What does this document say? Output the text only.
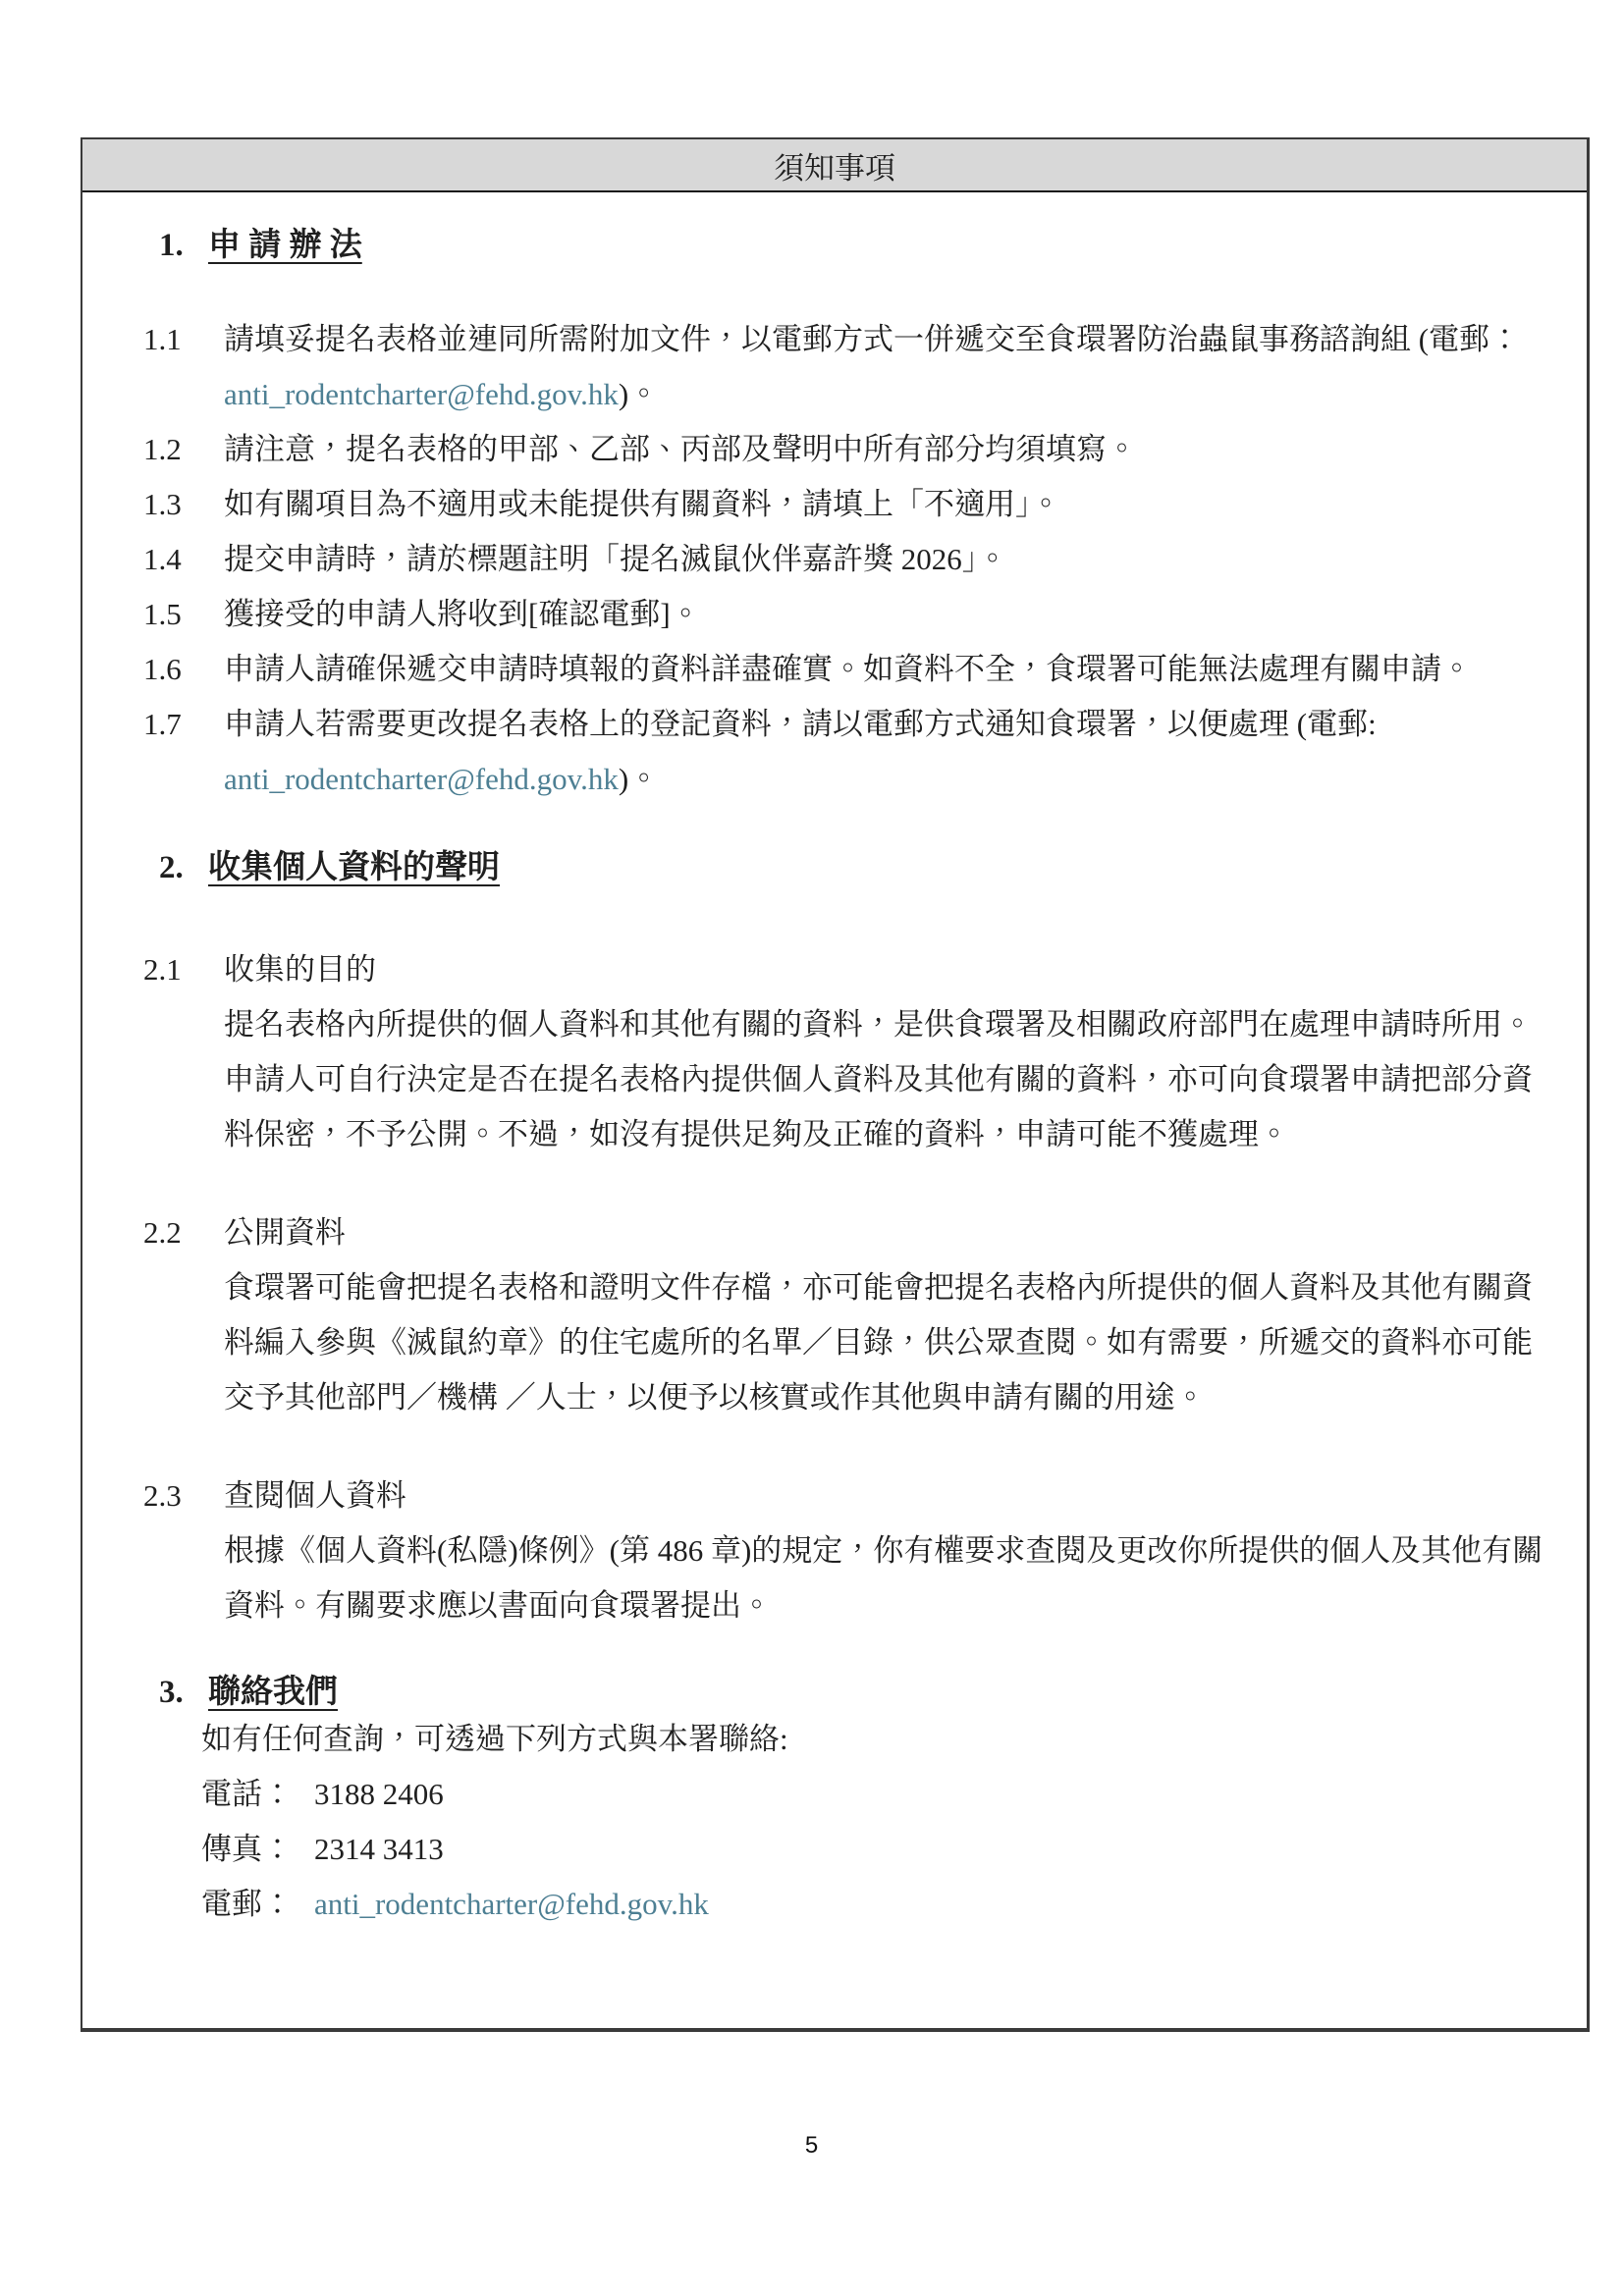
須知事項
1. 申 請 辦 法
1.1	請填妥提名表格並連同所需附加文件，以電郵方式一併遞交至食環署防治蟲鼠事務諮詢組 (電郵：anti_rodentcharter@fehd.gov.hk)。
1.2	請注意，提名表格的甲部、乙部、丙部及聲明中所有部分均須填寫。
1.3	如有關項目為不適用或未能提供有關資料，請填上「不適用」。
1.4	提交申請時，請於標題註明「提名滅鼠伙伴嘉許獎 2026」。
1.5	獲接受的申請人將收到[確認電郵]。
1.6	申請人請確保遞交申請時填報的資料詳盡確實。如資料不全，食環署可能無法處理有關申請。
1.7	申請人若需要更改提名表格上的登記資料，請以電郵方式通知食環署，以便處理 (電郵: anti_rodentcharter@fehd.gov.hk)。
2. 收集個人資料的聲明
2.1	收集的目的
提名表格內所提供的個人資料和其他有關的資料，是供食環署及相關政府部門在處理申請時所用。申請人可自行決定是否在提名表格內提供個人資料及其他有關的資料，亦可向食環署申請把部分資料保密，不予公開。不過，如沒有提供足夠及正確的資料，申請可能不獲處理。
2.2	公開資料
食環署可能會把提名表格和證明文件存檔，亦可能會把提名表格內所提供的個人資料及其他有關資料編入參與《滅鼠約章》的住宅處所的名單／目錄，供公眾查閱。如有需要，所遞交的資料亦可能交予其他部門／機構 ／人士，以便予以核實或作其他與申請有關的用途。
2.3	查閱個人資料
根據《個人資料(私隱)條例》(第 486 章)的規定，你有權要求查閱及更改你所提供的個人及其他有關資料。有關要求應以書面向食環署提出。
3. 聯絡我們
如有任何查詢，可透過下列方式與本署聯絡:
電話： 3188 2406
傳真： 2314 3413
電郵： anti_rodentcharter@fehd.gov.hk
5
